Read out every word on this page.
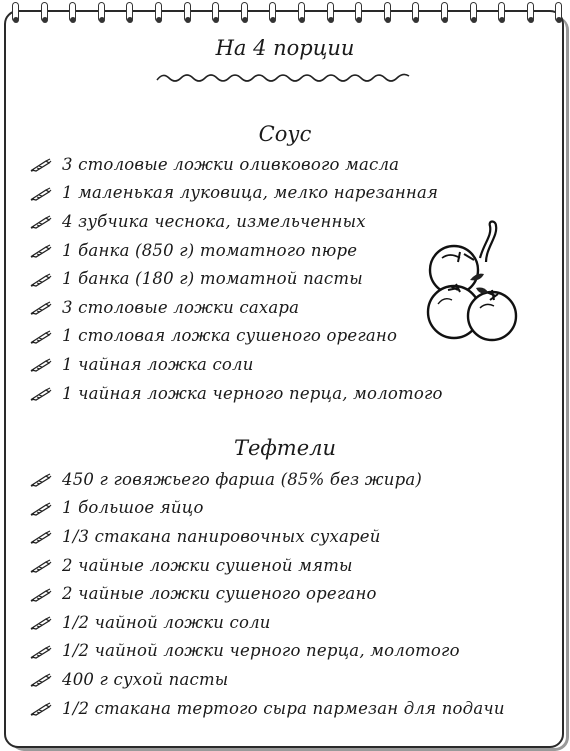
На 4 порции
Соус
3 столовые ложки оливкового масла
1 маленькая луковица, мелко нарезанная
4 зубчика чеснока, измельченных
1 банка (850 г) томатного пюре
1 банка (180 г) томатной пасты
3 столовые ложки сахара
1 столовая ложка сушеного орегано
1 чайная ложка соли
1 чайная ложка черного перца, молотого
Тефтели
450 г говяжьего фарша (85% без жира)
1 большое яйцо
1/3 стакана панировочных сухарей
2 чайные ложки сушеной мяты
2 чайные ложки сушеного орегано
1/2 чайной ложки соли
1/2 чайной ложки черного перца, молотого
400 г сухой пасты
1/2 стакана тертого сыра пармезан для подачи
